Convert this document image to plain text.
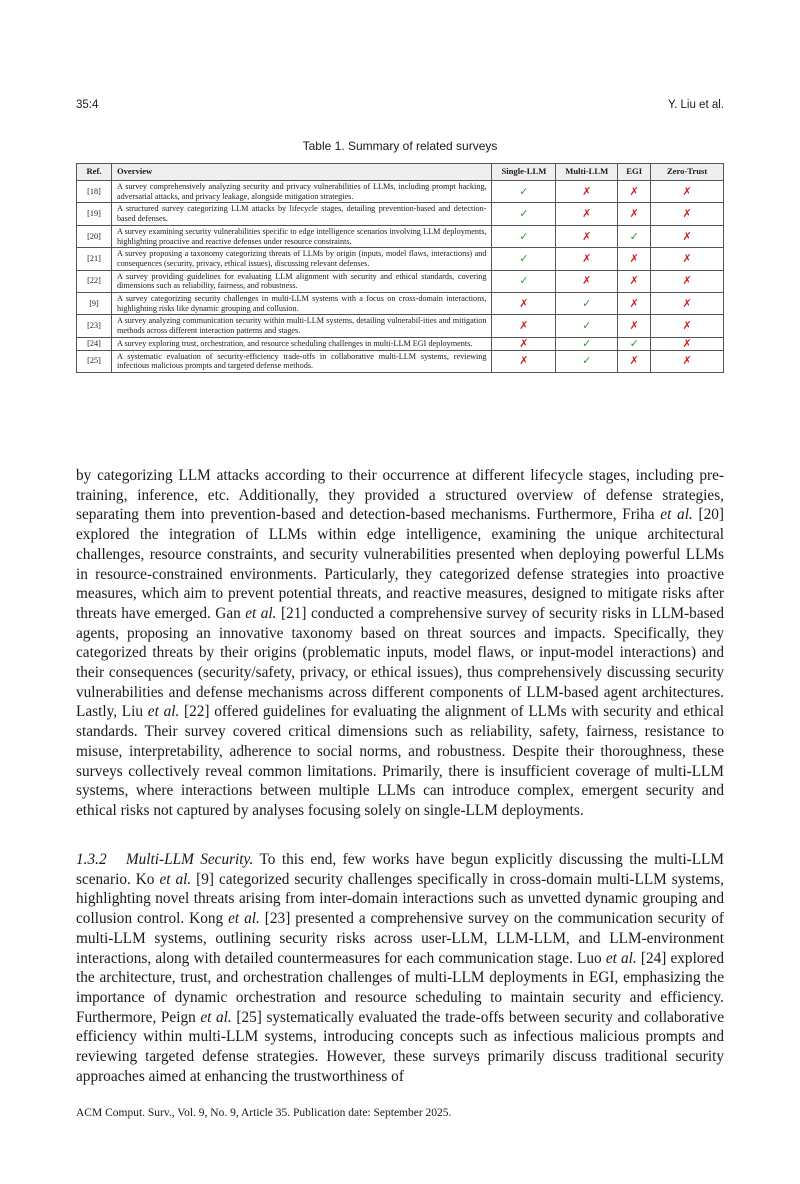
35:4	Y. Liu et al.
Table 1. Summary of related surveys
Ref.	Overview	Single-LLM	Multi-LLM	EGI	Zero-Trust
[18]	A survey comprehensively analyzing security and privacy vulnerabilities of LLMs, including prompt hacking, adversarial attacks, and privacy leakage, alongside mitigation strategies.	✓	✗	✗	✗
[19]	A structured survey categorizing LLM attacks by lifecycle stages, detailing prevention-based and detection-based defenses.	✓	✗	✗	✗
[20]	A survey examining security vulnerabilities specific to edge intelligence scenarios involving LLM deployments, highlighting proactive and reactive defenses under resource constraints.	✓	✗	✓	✗
[21]	A survey proposing a taxonomy categorizing threats of LLMs by origin (inputs, model flaws, interactions) and consequences (security, privacy, ethical issues), discussing relevant defenses.	✓	✗	✗	✗
[22]	A survey providing guidelines for evaluating LLM alignment with security and ethical standards, covering dimensions such as reliability, fairness, and robustness.	✓	✗	✗	✗
[9]	A survey categorizing security challenges in multi-LLM systems with a focus on cross-domain interactions, highlighting risks like dynamic grouping and collusion.	✗	✓	✗	✗
[23]	A survey analyzing communication security within multi-LLM systems, detailing vulnerabil-ities and mitigation methods across different interaction patterns and stages.	✗	✓	✗	✗
[24]	A survey exploring trust, orchestration, and resource scheduling challenges in multi-LLM EGI deployments.	✗	✓	✓	✗
[25]	A systematic evaluation of security-efficiency trade-offs in collaborative multi-LLM systems, reviewing infectious malicious prompts and targeted defense methods.	✗	✓	✗	✗
by categorizing LLM attacks according to their occurrence at different lifecycle stages, including pre-training, inference, etc. Additionally, they provided a structured overview of defense strategies, separating them into prevention-based and detection-based mechanisms. Furthermore, Friha et al. [20] explored the integration of LLMs within edge intelligence, examining the unique architectural challenges, resource constraints, and security vulnerabilities presented when deploying powerful LLMs in resource-constrained environments. Particularly, they categorized defense strategies into proactive measures, which aim to prevent potential threats, and reactive measures, designed to mitigate risks after threats have emerged. Gan et al. [21] conducted a comprehensive survey of security risks in LLM-based agents, proposing an innovative taxonomy based on threat sources and impacts. Specifically, they categorized threats by their origins (problematic inputs, model flaws, or input-model interactions) and their consequences (security/safety, privacy, or ethical issues), thus comprehensively discussing security vulnerabilities and defense mechanisms across different components of LLM-based agent architectures. Lastly, Liu et al. [22] offered guidelines for evaluating the alignment of LLMs with security and ethical standards. Their survey covered critical dimensions such as reliability, safety, fairness, resistance to misuse, interpretability, adherence to social norms, and robustness. Despite their thoroughness, these surveys collectively reveal common limitations. Primarily, there is insufficient coverage of multi-LLM systems, where interactions between multiple LLMs can introduce complex, emergent security and ethical risks not captured by analyses focusing solely on single-LLM deployments.
1.3.2 Multi-LLM Security. To this end, few works have begun explicitly discussing the multi-LLM scenario. Ko et al. [9] categorized security challenges specifically in cross-domain multi-LLM systems, highlighting novel threats arising from inter-domain interactions such as unvetted dynamic grouping and collusion control. Kong et al. [23] presented a comprehensive survey on the communication security of multi-LLM systems, outlining security risks across user-LLM, LLM-LLM, and LLM-environment interactions, along with detailed countermeasures for each communication stage. Luo et al. [24] explored the architecture, trust, and orchestration challenges of multi-LLM deployments in EGI, emphasizing the importance of dynamic orchestration and resource scheduling to maintain security and efficiency. Furthermore, Peign et al. [25] systematically evaluated the trade-offs between security and collaborative efficiency within multi-LLM systems, introducing concepts such as infectious malicious prompts and reviewing targeted defense strategies. However, these surveys primarily discuss traditional security approaches aimed at enhancing the trustworthiness of
ACM Comput. Surv., Vol. 9, No. 9, Article 35. Publication date: September 2025.
